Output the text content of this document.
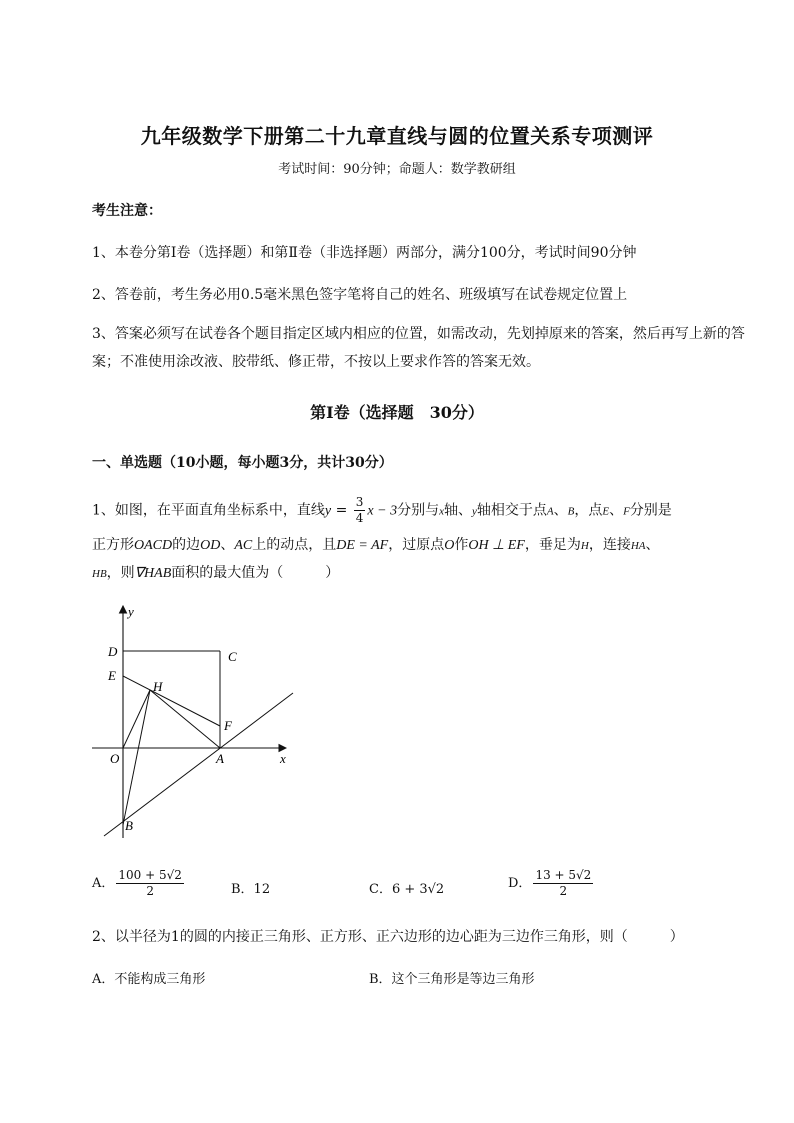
九年级数学下册第二十九章直线与圆的位置关系专项测评
考试时间：90分钟；命题人：数学教研组
考生注意：
1、本卷分第Ⅰ卷（选择题）和第Ⅱ卷（非选择题）两部分，满分100分，考试时间90分钟
2、答卷前，考生务必用0.5毫米黑色签字笔将自己的姓名、班级填写在试卷规定位置上
3、答案必须写在试卷各个题目指定区域内相应的位置，如需改动，先划掉原来的答案，然后再写上新的答案；不准使用涂改液、胶带纸、修正带，不按以上要求作答的答案无效。
第Ⅰ卷（选择题　30分）
一、单选题（10小题，每小题3分，共计30分）
1、如图，在平面直角坐标系中，直线$y = \frac{3}{4}$ x − 3分别与x轴、y轴相交于点A、B，点E、F分别是
正方形OACD的边OD、AC上的动点，且DE = AF，过原点O作OH ⊥ EF，垂足为H，连接HA、
HB，则∇HAB面积的最大值为（　　　）
y
x
D	C
E
H
F
O	A
B
A． $\frac{100 + 5√2}{2}$	B．12	C．6 + 3√2	D． $\frac{13 + 5√2}{2}$
2、以半径为1的圆的内接正三角形、正方形、正六边形的边心距为三边作三角形，则（　　　）
A．不能构成三角形	B．这个三角形是等边三角形
